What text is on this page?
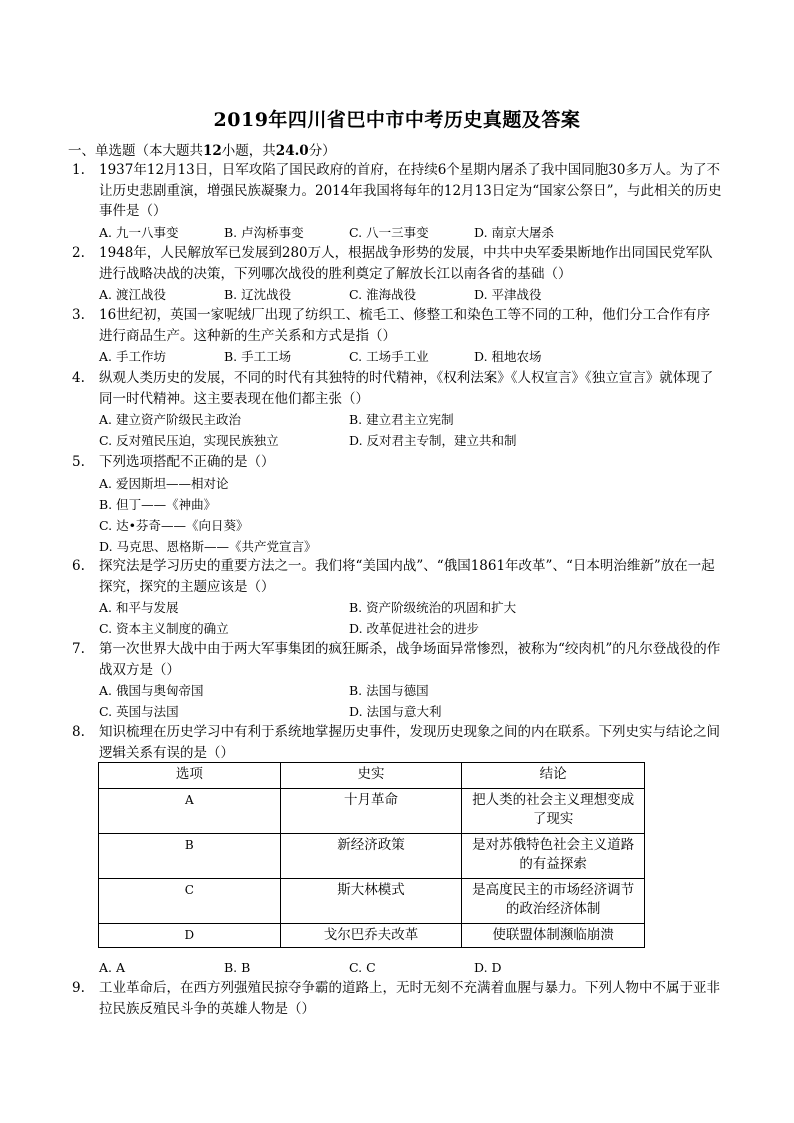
2019年四川省巴中市中考历史真题及答案
一、单选题（本大题共12小题，共24.0分）
1. 1937年12月13日，日军攻陷了国民政府的首府，在持续6个星期内屠杀了我中国同胞30多万人。为了不让历史悲剧重演，增强民族凝聚力。2014年我国将每年的12月13日定为“国家公祭日”，与此相关的历史事件是（）
A. 九一八事变	B. 卢沟桥事变	C. 八一三事变	D. 南京大屠杀
2. 1948年，人民解放军已发展到280万人，根据战争形势的发展，中共中央军委果断地作出同国民党军队进行战略决战的决策，下列哪次战役的胜利奠定了解放长江以南各省的基础（）
A. 渡江战役	B. 辽沈战役	C. 淮海战役	D. 平津战役
3. 16世纪初，英国一家呢绒厂出现了纺织工、梳毛工、修整工和染色工等不同的工种，他们分工合作有序进行商品生产。这种新的生产关系和方式是指（）
A. 手工作坊	B. 手工工场	C. 工场手工业	D. 租地农场
4. 纵观人类历史的发展，不同的时代有其独特的时代精神，《权利法案》《人权宣言》《独立宣言》就体现了同一时代精神。这主要表现在他们都主张（）
A. 建立资产阶级民主政治	B. 建立君主立宪制
C. 反对殖民压迫，实现民族独立	D. 反对君主专制，建立共和制
5. 下列选项搭配不正确的是（）
A. 爱因斯坦——相对论
B. 但丁——《神曲》
C. 达•芬奇——《向日葵》
D. 马克思、恩格斯——《共产党宣言》
6. 探究法是学习历史的重要方法之一。我们将“美国内战”、“俄国1861年改革”、“日本明治维新”放在一起探究，探究的主题应该是（）
A. 和平与发展	B. 资产阶级统治的巩固和扩大
C. 资本主义制度的确立	D. 改革促进社会的进步
7. 第一次世界大战中由于两大军事集团的疯狂厮杀，战争场面异常惨烈，被称为“绞肉机”的凡尔登战役的作战双方是（）
A. 俄国与奥匈帝国	B. 法国与德国
C. 英国与法国	D. 法国与意大利
8. 知识梳理在历史学习中有利于系统地掌握历史事件，发现历史现象之间的内在联系。下列史实与结论之间逻辑关系有误的是（）
选项	史实	结论
A	十月革命	把人类的社会主义理想变成了现实
B	新经济政策	是对苏俄特色社会主义道路的有益探索
C	斯大林模式	是高度民主的市场经济调节的政治经济体制
D	戈尔巴乔夫改革	使联盟体制濒临崩溃
A. A	B. B	C. C	D. D
9. 工业革命后，在西方列强殖民掠夺争霸的道路上，无时无刻不充满着血腥与暴力。下列人物中不属于亚非拉民族反殖民斗争的英雄人物是（）
